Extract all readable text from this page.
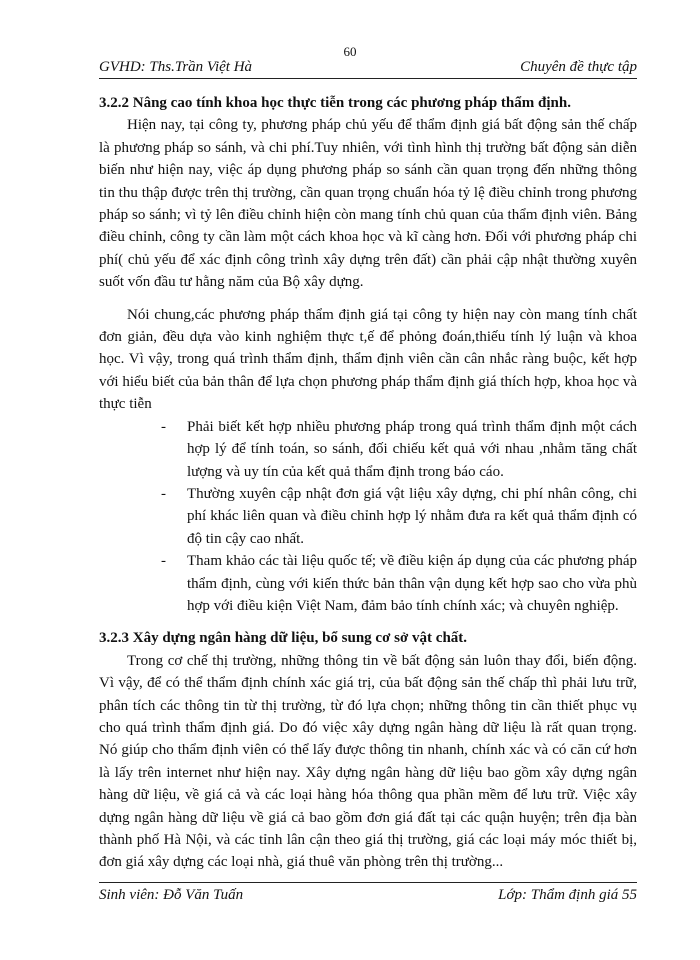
60
GVHD: Ths.Trần Việt Hà	Chuyên đề thực tập

3.2.2 Nâng cao tính khoa học thực tiễn trong các phương pháp thẩm định.

Hiện nay, tại công ty, phương pháp chủ yếu để thẩm định giá bất động sản thế chấp là phương pháp so sánh, và chi phí.Tuy nhiên, với tình hình thị trường bất động sản diễn biến như hiện nay, việc áp dụng phương pháp so sánh cần quan trọng đến những thông tin thu thập được trên thị trường, cần quan trọng chuẩn hóa tỷ lệ điều chỉnh trong phương pháp so sánh; vì tỷ lên điều chỉnh hiện còn mang tính chủ quan của thẩm định viên. Bảng điều chỉnh, công ty cần làm một cách khoa học và kĩ càng hơn. Đối với phương pháp chi phí( chủ yếu để xác định công trình xây dựng trên đất) cần phải cập nhật thường xuyên suốt vốn đầu tư hằng năm của Bộ xây dựng.

Nói chung,các phương pháp thẩm định giá tại công ty hiện nay còn mang tính chất đơn giản, đều dựa vào kinh nghiệm thực t,ế để phỏng đoán,thiếu tính lý luận và khoa học. Vì vậy, trong quá trình thẩm định, thẩm định viên cần cân nhắc ràng buộc, kết hợp với hiểu biết của bản thân để lựa chọn phương pháp thẩm định giá thích hợp, khoa học và thực tiễn

- Phải biết kết hợp nhiều phương pháp trong quá trình thẩm định một cách hợp lý để tính toán, so sánh, đối chiếu kết quả với nhau ,nhằm tăng chất lượng và uy tín của kết quả thẩm định trong báo cáo.
- Thường xuyên cập nhật đơn giá vật liệu xây dựng, chi phí nhân công, chi phí khác liên quan và điều chỉnh hợp lý nhằm đưa ra kết quả thẩm định có độ tin cậy cao nhất.
- Tham khảo các tài liệu quốc tế; về điều kiện áp dụng của các phương pháp thẩm định, cùng với kiến thức bản thân vận dụng kết hợp sao cho vừa phù hợp với điều kiện Việt Nam, đảm bảo tính chính xác; và chuyên nghiệp.

3.2.3 Xây dựng ngân hàng dữ liệu, bổ sung cơ sở vật chất.

Trong cơ chế thị trường, những thông tin về bất động sản luôn thay đổi, biến động. Vì vậy, để có thể thẩm định chính xác giá trị, của bất động sản thế chấp thì phải lưu trữ, phân tích các thông tin từ thị trường, từ đó lựa chọn; những thông tin cần thiết phục vụ cho quá trình thẩm định giá. Do đó việc xây dựng ngân hàng dữ liệu là rất quan trọng. Nó giúp cho thẩm định viên có thể lấy được thông tin nhanh, chính xác và có căn cứ hơn là lấy trên internet như hiện nay. Xây dựng ngân hàng dữ liệu bao gồm xây dựng ngân hàng dữ liệu, về giá cả và các loại hàng hóa thông qua phần mềm để lưu trữ. Việc xây dựng ngân hàng dữ liệu về giá cả bao gồm đơn giá đất tại các quận huyện; trên địa bàn thành phố Hà Nội, và các tỉnh lân cận theo giá thị trường, giá các loại máy móc thiết bị, đơn giá xây dựng các loại nhà, giá thuê văn phòng trên thị trường...

Sinh viên: Đỗ Văn Tuấn	Lớp: Thẩm định giá 55
